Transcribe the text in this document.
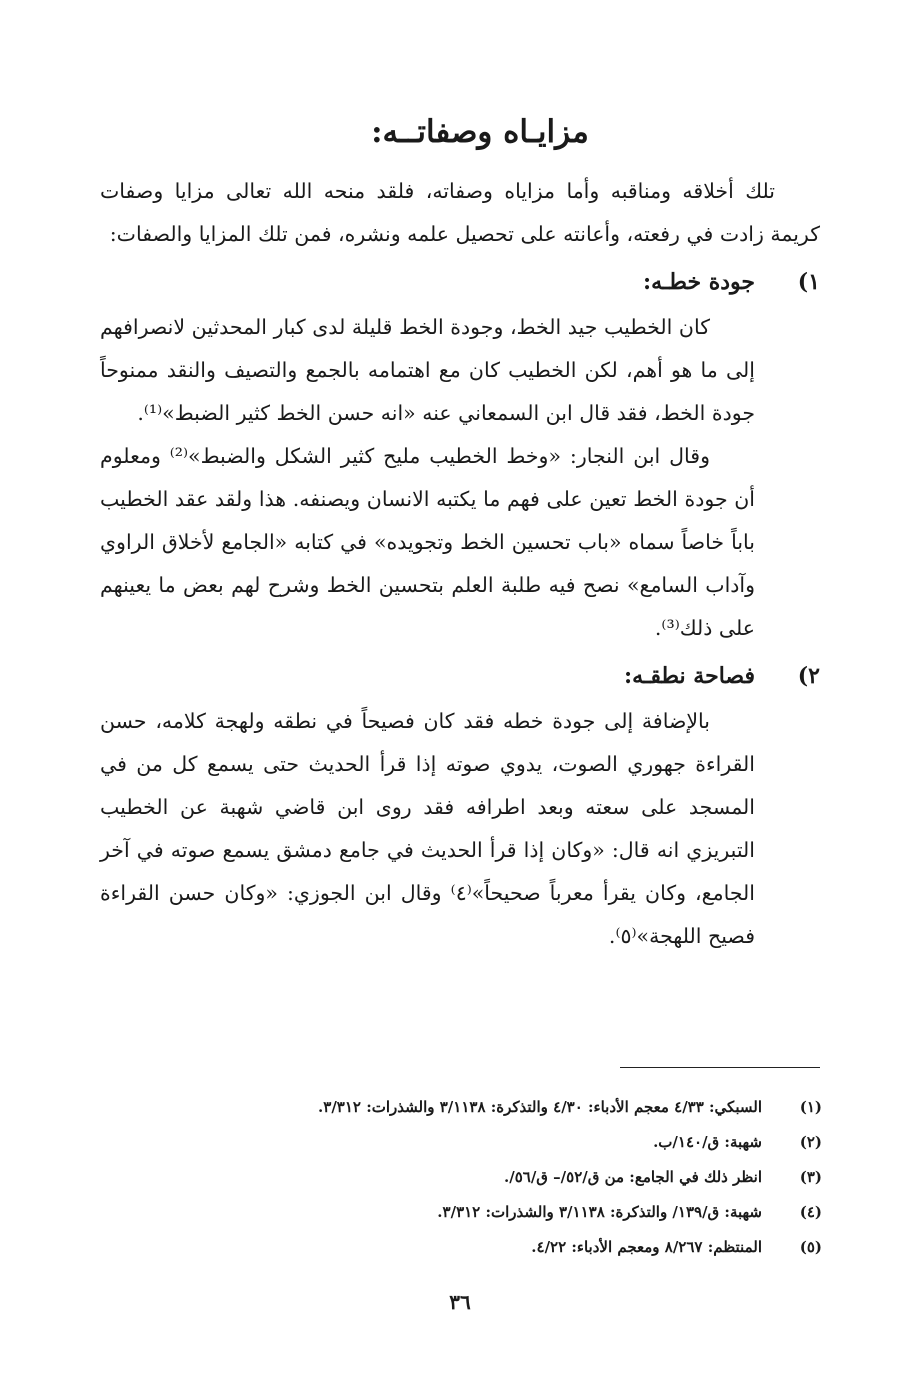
مزايـاه وصفاتــه:

تلك أخلاقه ومناقبه وأما مزاياه وصفاته، فلقد منحه الله تعالى مزايا وصفات كريمة زادت في رفعته، وأعانته على تحصيل علمه ونشره، فمن تلك المزايا والصفات:

١)
جودة خطـه:

كان الخطيب جيد الخط، وجودة الخط قليلة لدى كبار المحدثين لانصرافهم إلى ما هو أهم، لكن الخطيب كان مع اهتمامه بالجمع والتصيف والنقد ممنوحاً جودة الخط، فقد قال ابن السمعاني عنه «انه حسن الخط كثير الضبط»⁽¹⁾.

وقال ابن النجار: «وخط الخطيب مليح كثير الشكل والضبط»⁽²⁾ ومعلوم أن جودة الخط تعين على فهم ما يكتبه الانسان ويصنفه. هذا ولقد عقد الخطيب باباً خاصاً سماه «باب تحسين الخط وتجويده» في كتابه «الجامع لأخلاق الراوي وآداب السامع» نصح فيه طلبة العلم بتحسين الخط وشرح لهم بعض ما يعينهم على ذلك⁽³⁾.

٢)
فصاحة نطقـه:

بالإضافة إلى جودة خطه فقد كان فصيحاً في نطقه ولهجة كلامه، حسن القراءة جهوري الصوت، يدوي صوته إذا قرأ الحديث حتى يسمع كل من في المسجد على سعته وبعد اطرافه فقد روى ابن قاضي شهبة عن الخطيب التبريزي انه قال: «وكان إذا قرأ الحديث في جامع دمشق يسمع صوته في آخر الجامع، وكان يقرأ معرباً صحيحاً»⁽٤⁾ وقال ابن الجوزي: «وكان حسن القراءة فصيح اللهجة»⁽٥⁾.

(١)
السبكي: ٤/٣٣ معجم الأدباء: ٤/٣٠ والتذكرة: ٣/١١٣٨ والشذرات: ٣/٣١٢.
(٢)
شهبة: ق/١٤٠/ب.
(٣)
انظر ذلك في الجامع: من ق/٥٢/– ق/٥٦/.
(٤)
شهبة: ق/١٣٩/ والتذكرة: ٣/١١٣٨ والشذرات: ٣/٣١٢.
(٥)
المنتظم: ٨/٢٦٧ ومعجم الأدباء: ٤/٢٢.
٣٦
